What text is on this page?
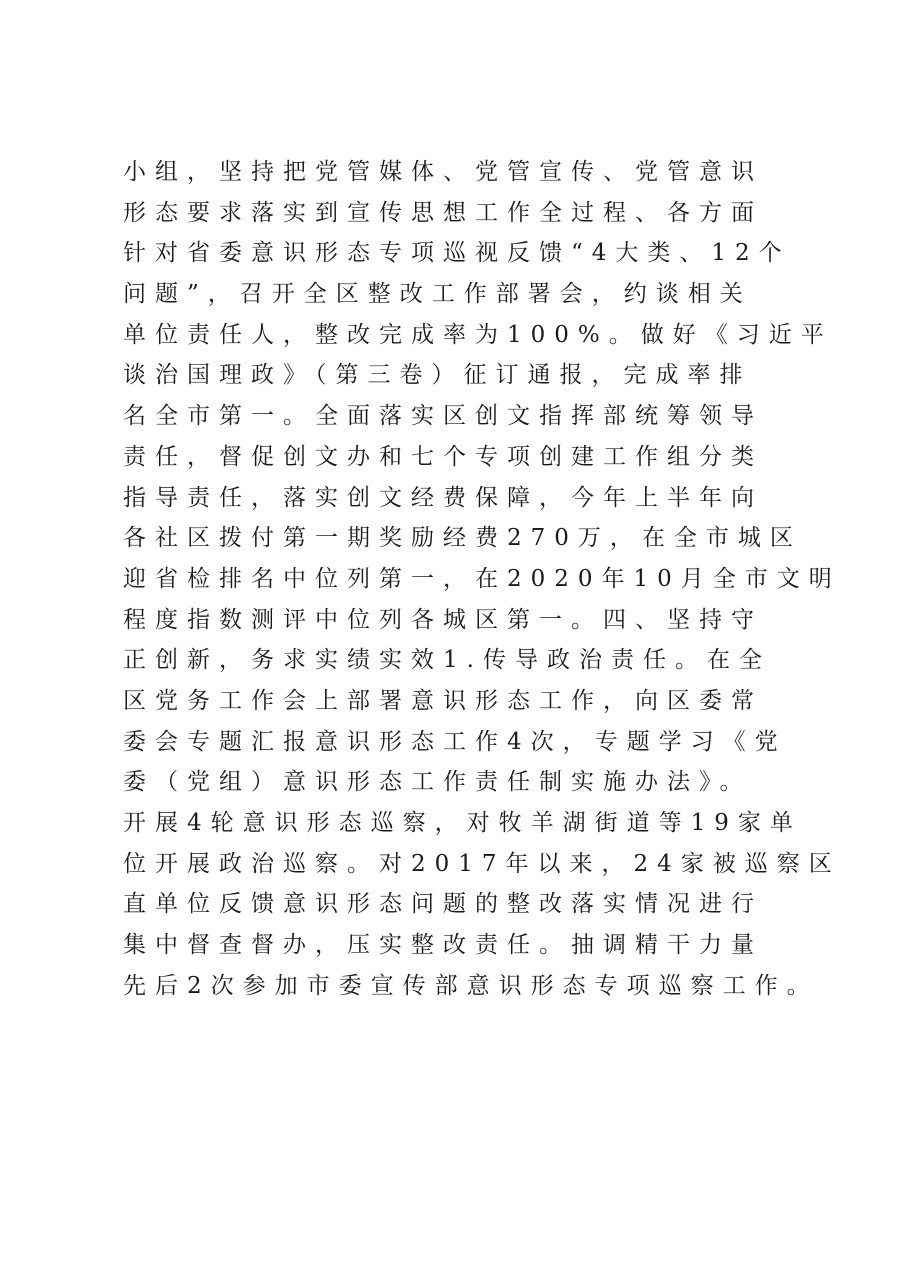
小组，坚持把党管媒体、党管宣传、党管意识
形态要求落实到宣传思想工作全过程、各方面
针对省委意识形态专项巡视反馈“4大类、12个
问题”，召开全区整改工作部署会，约谈相关
单位责任人，整改完成率为100%。做好《习近平
谈治国理政》（第三卷）征订通报，完成率排
名全市第一。全面落实区创文指挥部统筹领导
责任，督促创文办和七个专项创建工作组分类
指导责任，落实创文经费保障，今年上半年向
各社区拨付第一期奖励经费270万，在全市城区
迎省检排名中位列第一，在2020年10月全市文明
程度指数测评中位列各城区第一。四、坚持守
正创新，务求实绩实效1.传导政治责任。在全
区党务工作会上部署意识形态工作，向区委常
委会专题汇报意识形态工作4次，专题学习《党
委（党组）意识形态工作责任制实施办法》。
开展4轮意识形态巡察，对牧羊湖街道等19家单
位开展政治巡察。对2017年以来，24家被巡察区
直单位反馈意识形态问题的整改落实情况进行
集中督查督办，压实整改责任。抽调精干力量
先后2次参加市委宣传部意识形态专项巡察工作。
